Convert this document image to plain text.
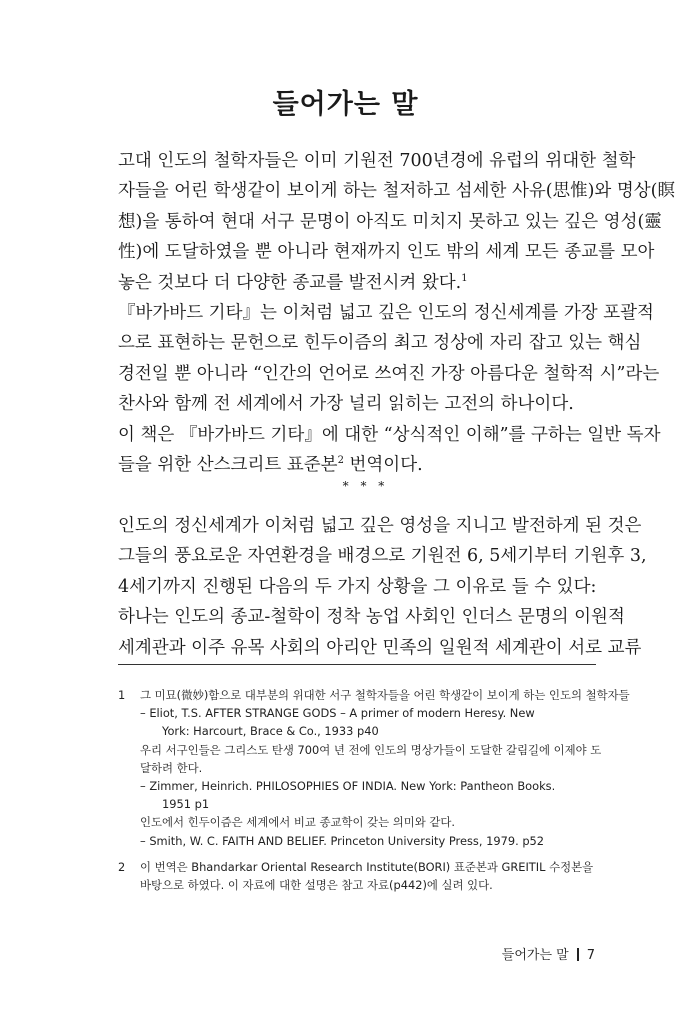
들어가는 말
고대 인도의 철학자들은 이미 기원전 700년경에 유럽의 위대한 철학
자들을 어린 학생같이 보이게 하는 철저하고 섬세한 사유(思惟)와 명상(瞑
想)을 통하여 현대 서구 문명이 아직도 미치지 못하고 있는 깊은 영성(靈
性)에 도달하였을 뿐 아니라 현재까지 인도 밖의 세계 모든 종교를 모아
놓은 것보다 더 다양한 종교를 발전시켜 왔다.$^1$
『바가바드 기타』는 이처럼 넓고 깊은 인도의 정신세계를 가장 포괄적
으로 표현하는 문헌으로 힌두이즘의 최고 정상에 자리 잡고 있는 핵심
경전일 뿐 아니라 “인간의 언어로 쓰여진 가장 아름다운 철학적 시”라는
찬사와 함께 전 세계에서 가장 널리 읽히는 고전의 하나이다.
이 책은 『바가바드 기타』에 대한 “상식적인 이해”를 구하는 일반 독자
들을 위한 산스크리트 표준본$^2$ 번역이다.
* * *
인도의 정신세계가 이처럼 넓고 깊은 영성을 지니고 발전하게 된 것은
그들의 풍요로운 자연환경을 배경으로 기원전 6, 5세기부터 기원후 3,
4세기까지 진행된 다음의 두 가지 상황을 그 이유로 들 수 있다:
하나는 인도의 종교-철학이 정착 농업 사회인 인더스 문명의 이원적
세계관과 이주 유목 사회의 아리안 민족의 일원적 세계관이 서로 교류
1 그 미묘(微妙)함으로 대부분의 위대한 서구 철학자들을 어린 학생같이 보이게 하는 인도의 철학자들
– Eliot, T.S. AFTER STRANGE GODS – A primer of modern Heresy. New
York: Harcourt, Brace & Co., 1933 p40
우리 서구인들은 그리스도 탄생 700여 년 전에 인도의 명상가들이 도달한 갈림길에 이제야 도
달하려 한다.
– Zimmer, Heinrich. PHILOSOPHIES OF INDIA. New York: Pantheon Books.
1951 p1
인도에서 힌두이즘은 세계에서 비교 종교학이 갖는 의미와 같다.
– Smith, W. C. FAITH AND BELIEF. Princeton University Press, 1979. p52
2 이 번역은 Bhandarkar Oriental Research Institute(BORI) 표준본과 GREITIL 수정본을
바탕으로 하였다. 이 자료에 대한 설명은 참고 자료(p442)에 실려 있다.
들어가는 말 7
